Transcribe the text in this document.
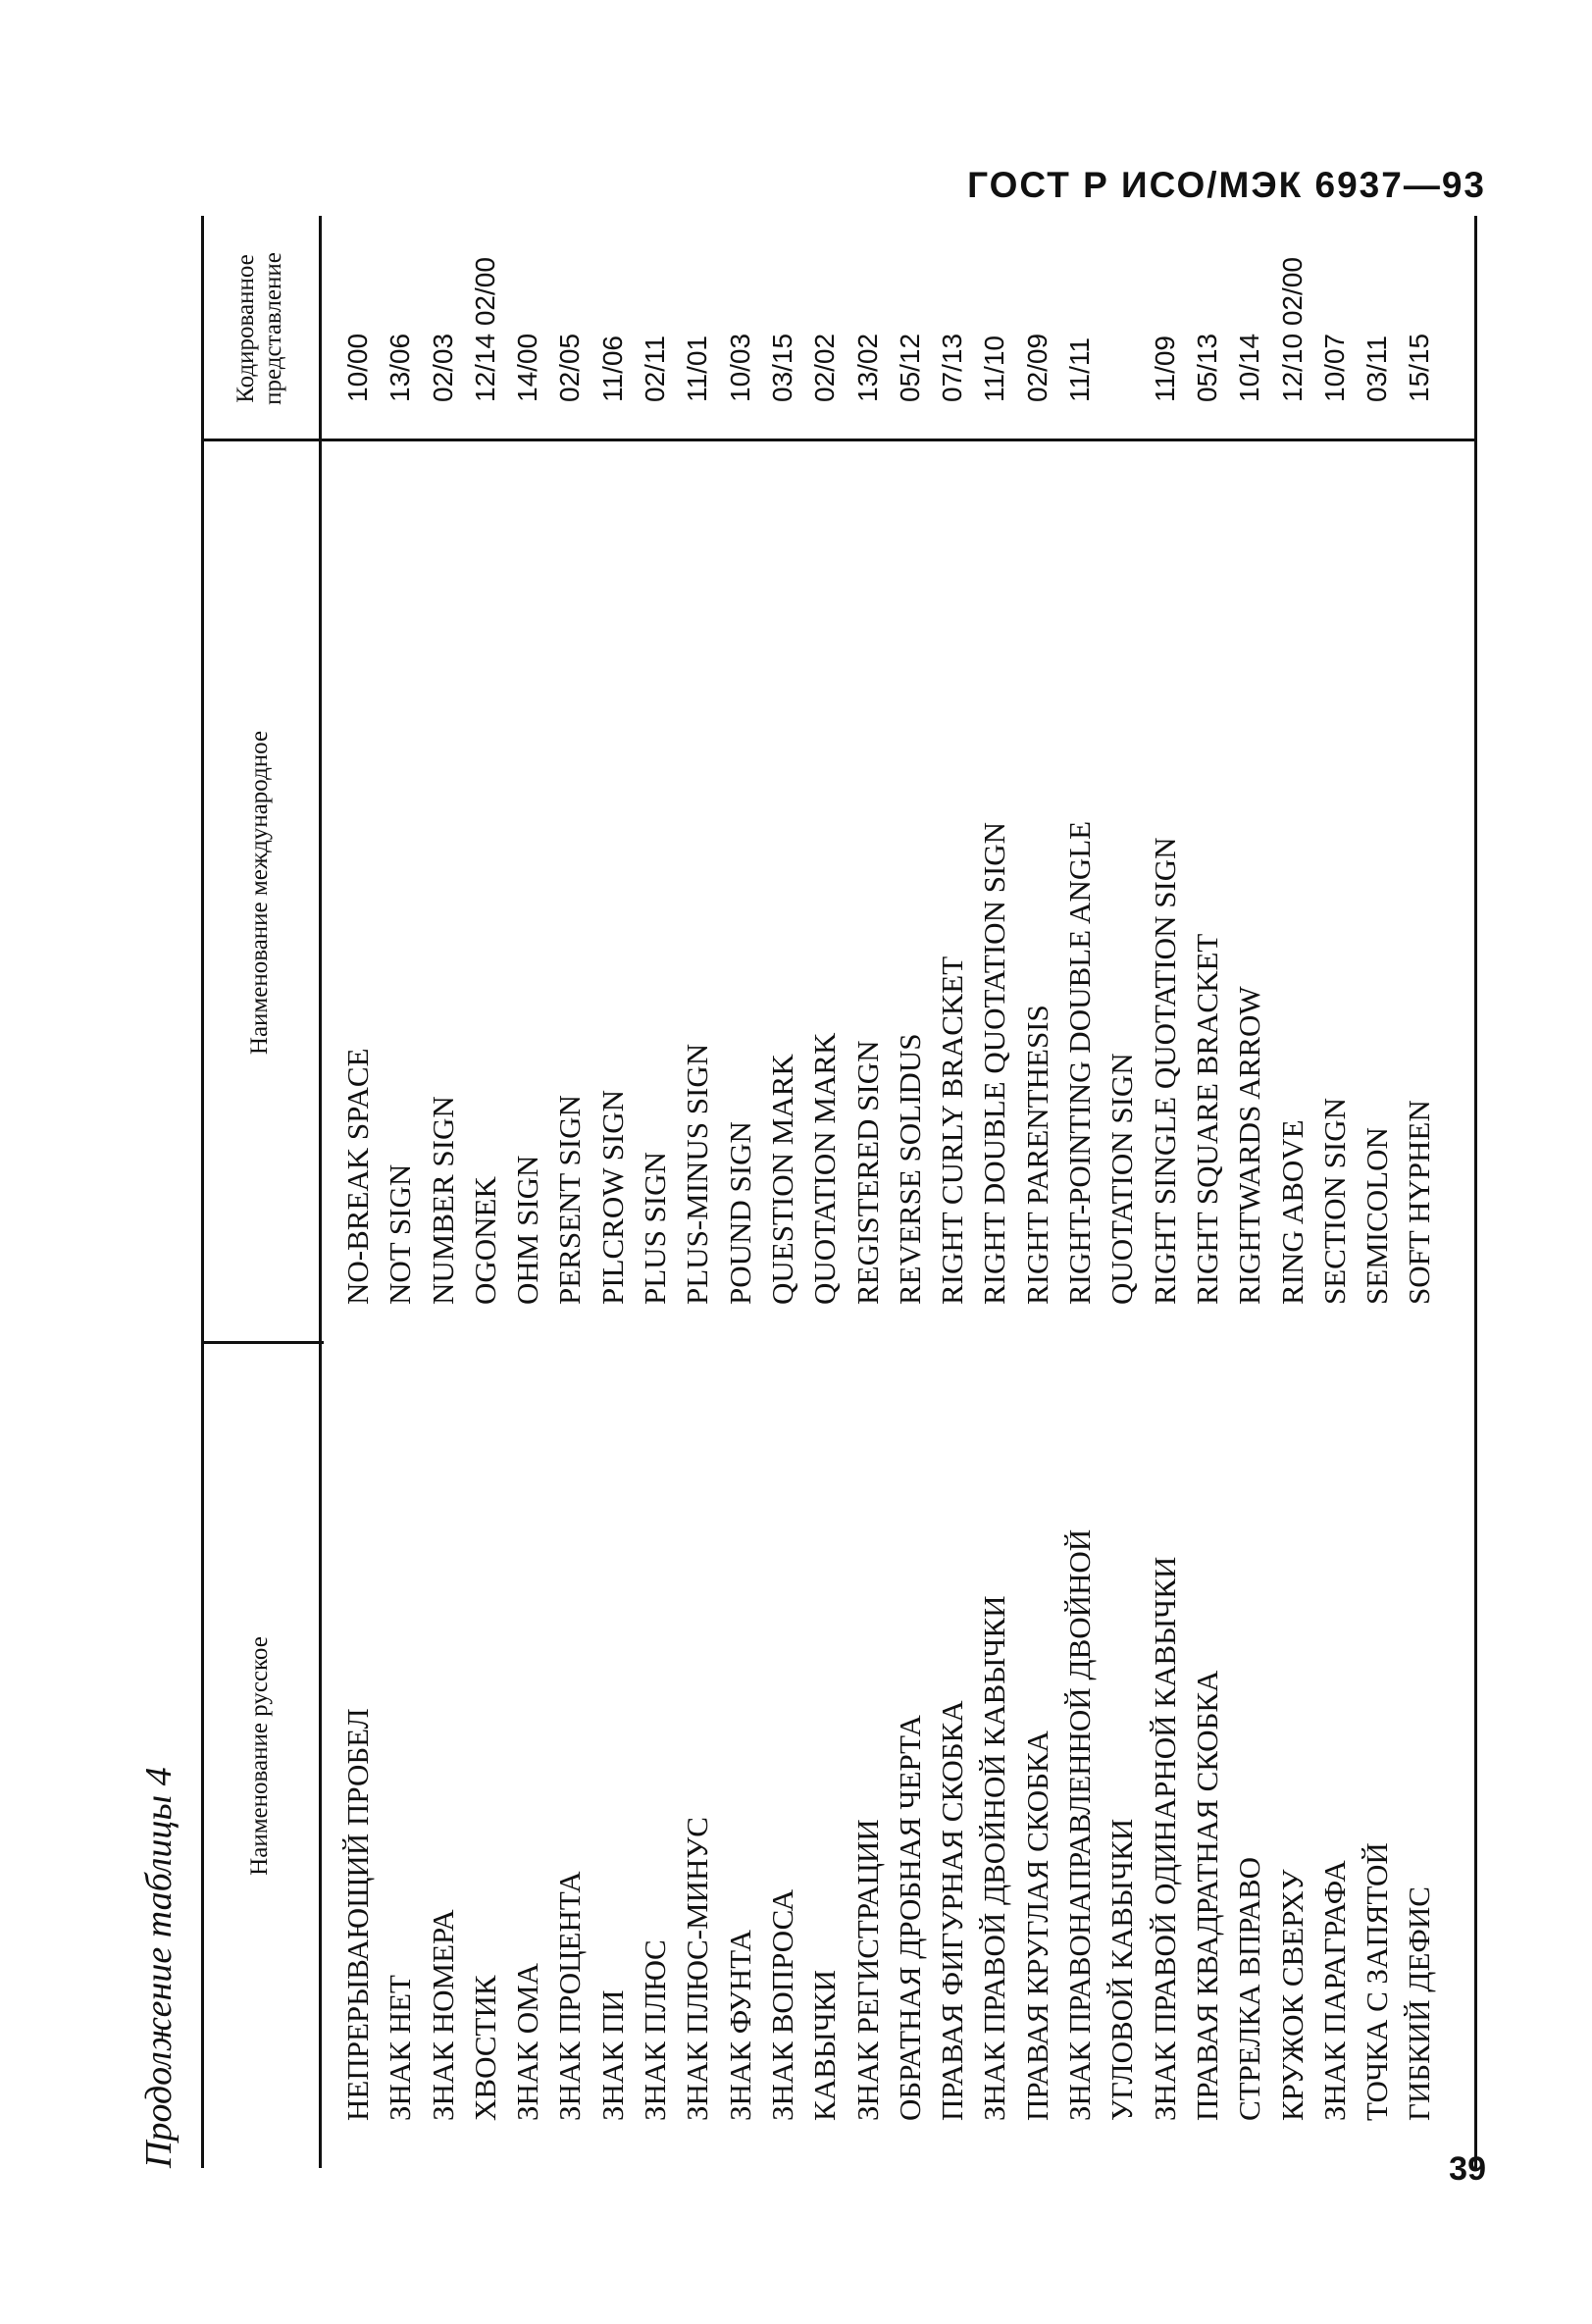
ГОСТ Р ИСО/МЭК 6937—93
Продолжение таблицы 4
Наименование русское
Наименование международное
Кодированное представление
НЕПРЕРЫВАЮЩИЙ ПРОБЕЛ
NO-BREAK SPACE
10/00
ЗНАК НЕТ
NOT SIGN
13/06
ЗНАК НОМЕРА
NUMBER SIGN
02/03
ХВОСТИК
OGONEK
12/14 02/00
ЗНАК ОМА
OHM SIGN
14/00
ЗНАК ПРОЦЕНТА
PERSENT SIGN
02/05
ЗНАК ПИ
PILCROW SIGN
11/06
ЗНАК ПЛЮС
PLUS SIGN
02/11
ЗНАК ПЛЮС-МИНУС
PLUS-MINUS SIGN
11/01
ЗНАК ФУНТА
POUND SIGN
10/03
ЗНАК ВОПРОСА
QUESTION MARK
03/15
КАВЫЧКИ
QUOTATION MARK
02/02
ЗНАК РЕГИСТРАЦИИ
REGISTERED SIGN
13/02
ОБРАТНАЯ ДРОБНАЯ ЧЕРТА
REVERSE SOLIDUS
05/12
ПРАВАЯ ФИГУРНАЯ СКОБКА
RIGHT CURLY BRACKET
07/13
ЗНАК ПРАВОЙ ДВОЙНОЙ КАВЫЧКИ
RIGHT DOUBLE QUOTATION SIGN
11/10
ПРАВАЯ КРУГЛАЯ СКОБКА
RIGHT PARENTHESIS
02/09
ЗНАК ПРАВОНАПРАВЛЕННОЙ ДВОЙНОЙ
RIGHT-POINTING DOUBLE ANGLE
11/11
УГЛОВОЙ КАВЫЧКИ
QUOTATION SIGN
ЗНАК ПРАВОЙ ОДИНАРНОЙ КАВЫЧКИ
RIGHT SINGLE QUOTATION SIGN
11/09
ПРАВАЯ КВАДРАТНАЯ СКОБКА
RIGHT SQUARE BRACKET
05/13
СТРЕЛКА ВПРАВО
RIGHTWARDS ARROW
10/14
КРУЖОК СВЕРХУ
RING ABOVE
12/10 02/00
ЗНАК ПАРАГРАФА
SECTION SIGN
10/07
ТОЧКА С ЗАПЯТОЙ
SEMICOLON
03/11
ГИБКИЙ ДЕФИС
SOFT HYPHEN
15/15
39
